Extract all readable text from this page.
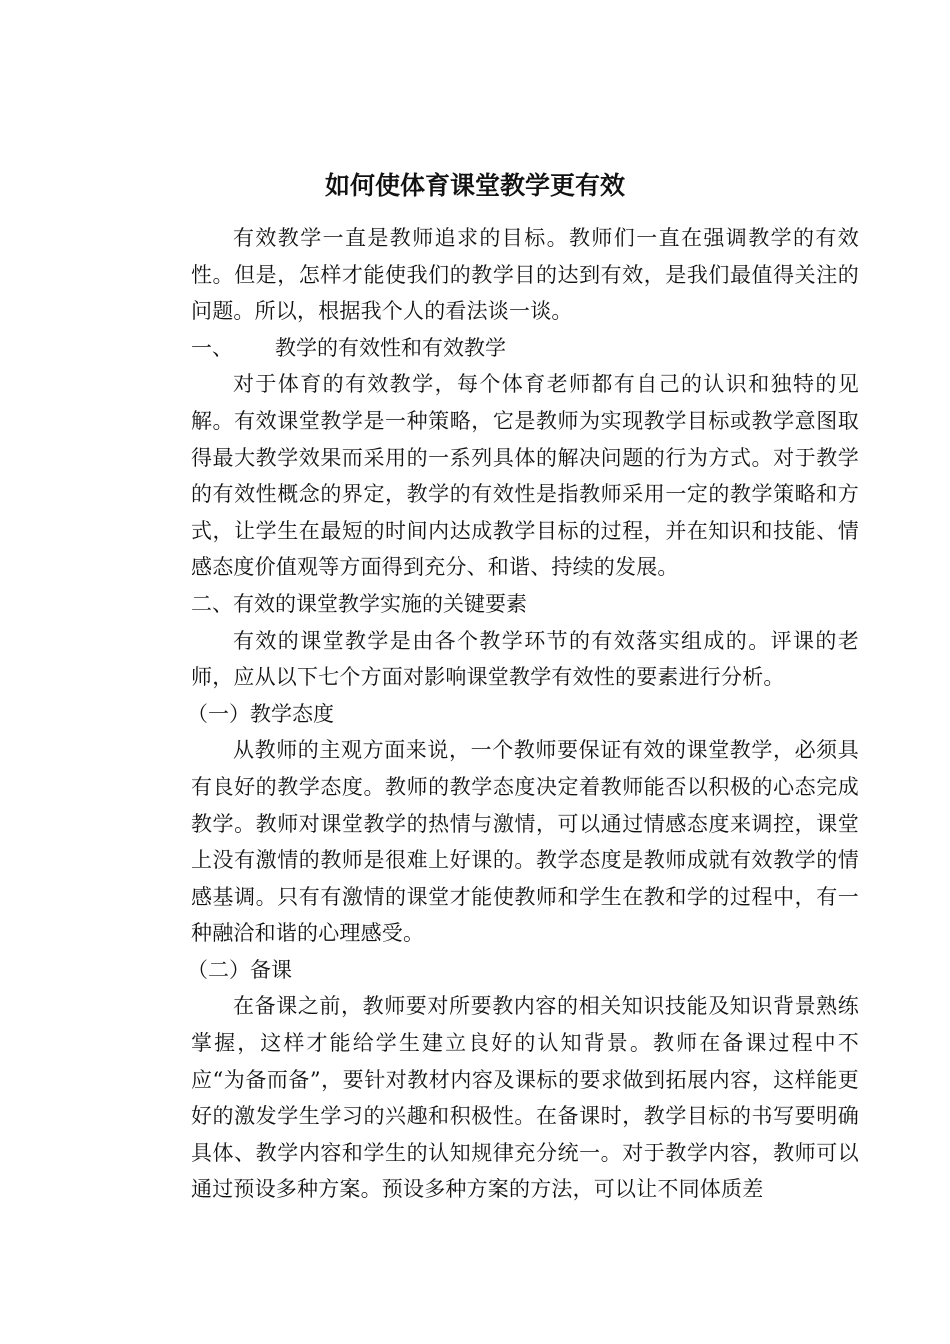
如何使体育课堂教学更有效

有效教学一直是教师追求的目标。教师们一直在强调教学的有效性。但是，怎样才能使我们的教学目的达到有效，是我们最值得关注的问题。所以，根据我个人的看法谈一谈。

一、 教学的有效性和有效教学

对于体育的有效教学，每个体育老师都有自己的认识和独特的见解。有效课堂教学是一种策略，它是教师为实现教学目标或教学意图取得最大教学效果而采用的一系列具体的解决问题的行为方式。对于教学的有效性概念的界定，教学的有效性是指教师采用一定的教学策略和方式，让学生在最短的时间内达成教学目标的过程，并在知识和技能、情感态度价值观等方面得到充分、和谐、持续的发展。

二、有效的课堂教学实施的关键要素

有效的课堂教学是由各个教学环节的有效落实组成的。评课的老师，应从以下七个方面对影响课堂教学有效性的要素进行分析。

（一）教学态度

从教师的主观方面来说，一个教师要保证有效的课堂教学，必须具有良好的教学态度。教师的教学态度决定着教师能否以积极的心态完成教学。教师对课堂教学的热情与激情，可以通过情感态度来调控，课堂上没有激情的教师是很难上好课的。教学态度是教师成就有效教学的情感基调。只有有激情的课堂才能使教师和学生在教和学的过程中，有一种融洽和谐的心理感受。

（二）备课

在备课之前，教师要对所要教内容的相关知识技能及知识背景熟练掌握，这样才能给学生建立良好的认知背景。教师在备课过程中不应“为备而备”，要针对教材内容及课标的要求做到拓展内容，这样能更好的激发学生学习的兴趣和积极性。在备课时，教学目标的书写要明确具体、教学内容和学生的认知规律充分统一。对于教学内容，教师可以通过预设多种方案。预设多种方案的方法，可以让不同体质差
